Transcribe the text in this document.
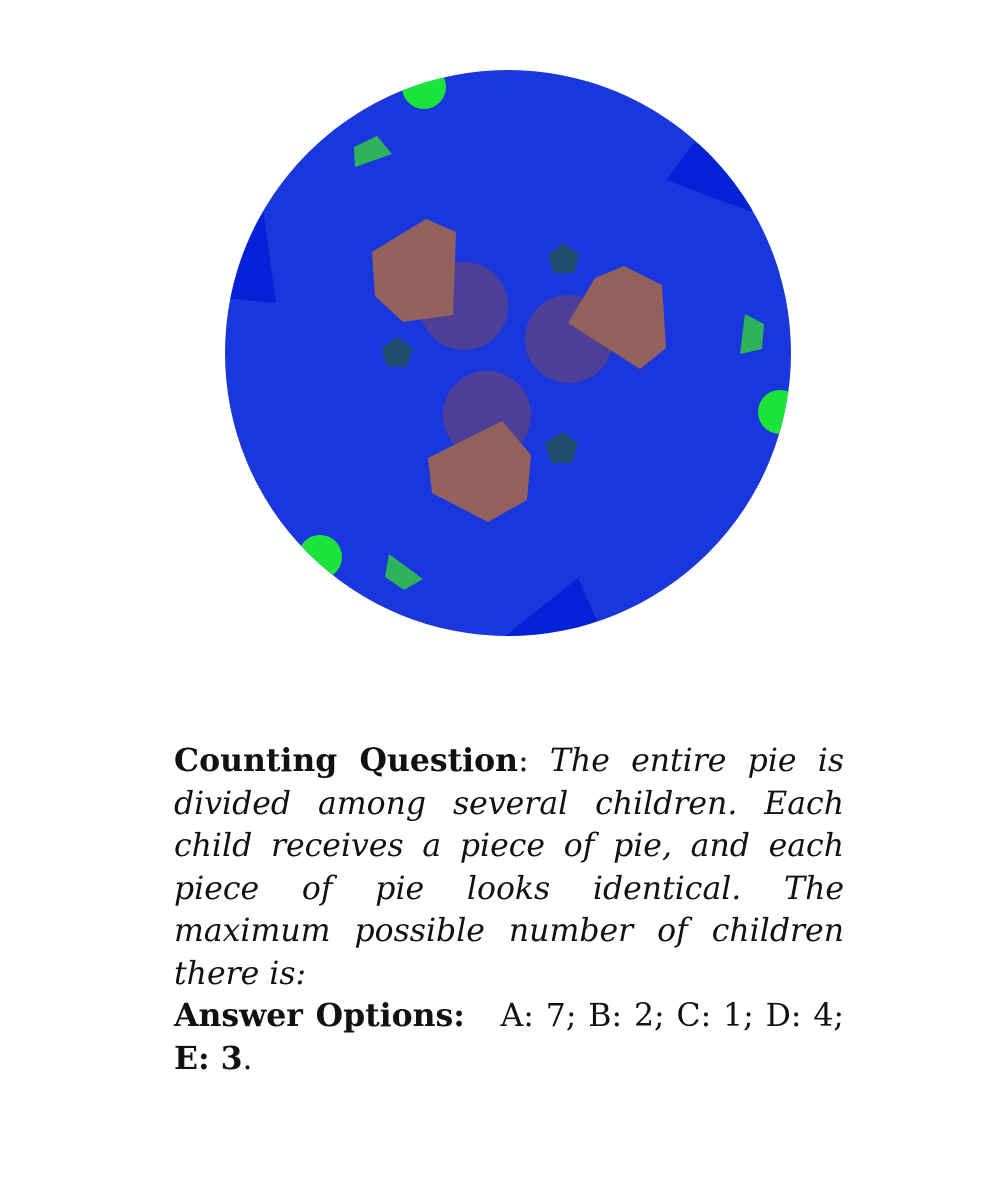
Counting Question: The entire pie is divided among several children. Each child receives a piece of pie, and each piece of pie looks identical. The maximum possible number of children there is:
Answer Options: A: 7; B: 2; C: 1; D: 4; E: 3.
